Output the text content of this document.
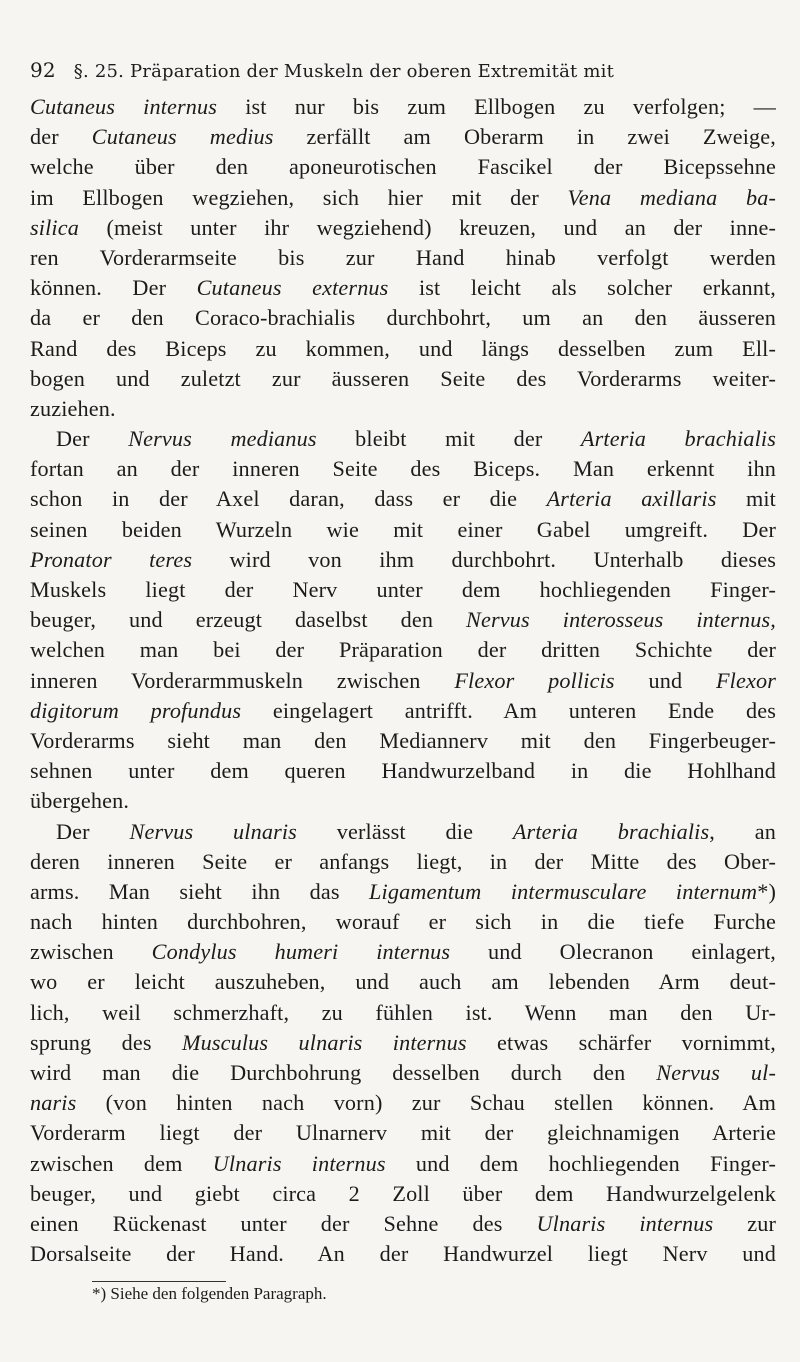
92 §. 25. Präparation der Muskeln der oberen Extremität mit
Cutaneus internus ist nur bis zum Ellbogen zu verfolgen; —
der Cutaneus medius zerfällt am Oberarm in zwei Zweige,
welche über den aponeurotischen Fascikel der Bicepssehne
im Ellbogen wegziehen, sich hier mit der Vena mediana ba-
silica (meist unter ihr wegziehend) kreuzen, und an der inne-
ren Vorderarmseite bis zur Hand hinab verfolgt werden
können. Der Cutaneus externus ist leicht als solcher erkannt,
da er den Coraco-brachialis durchbohrt, um an den äusseren
Rand des Biceps zu kommen, und längs desselben zum Ell-
bogen und zuletzt zur äusseren Seite des Vorderarms weiter-
zuziehen.
Der Nervus medianus bleibt mit der Arteria brachialis
fortan an der inneren Seite des Biceps. Man erkennt ihn
schon in der Axel daran, dass er die Arteria axillaris mit
seinen beiden Wurzeln wie mit einer Gabel umgreift. Der
Pronator teres wird von ihm durchbohrt. Unterhalb dieses
Muskels liegt der Nerv unter dem hochliegenden Finger-
beuger, und erzeugt daselbst den Nervus interosseus internus,
welchen man bei der Präparation der dritten Schichte der
inneren Vorderarmmuskeln zwischen Flexor pollicis und Flexor
digitorum profundus eingelagert antrifft. Am unteren Ende des
Vorderarms sieht man den Mediannerv mit den Fingerbeuger-
sehnen unter dem queren Handwurzelband in die Hohlhand
übergehen.
Der Nervus ulnaris verlässt die Arteria brachialis, an
deren inneren Seite er anfangs liegt, in der Mitte des Ober-
arms. Man sieht ihn das Ligamentum intermusculare internum*)
nach hinten durchbohren, worauf er sich in die tiefe Furche
zwischen Condylus humeri internus und Olecranon einlagert,
wo er leicht auszuheben, und auch am lebenden Arm deut-
lich, weil schmerzhaft, zu fühlen ist. Wenn man den Ur-
sprung des Musculus ulnaris internus etwas schärfer vornimmt,
wird man die Durchbohrung desselben durch den Nervus ul-
naris (von hinten nach vorn) zur Schau stellen können. Am
Vorderarm liegt der Ulnarnerv mit der gleichnamigen Arterie
zwischen dem Ulnaris internus und dem hochliegenden Finger-
beuger, und giebt circa 2 Zoll über dem Handwurzelgelenk
einen Rückenast unter der Sehne des Ulnaris internus zur
Dorsalseite der Hand. An der Handwurzel liegt Nerv und
*) Siehe den folgenden Paragraph.
